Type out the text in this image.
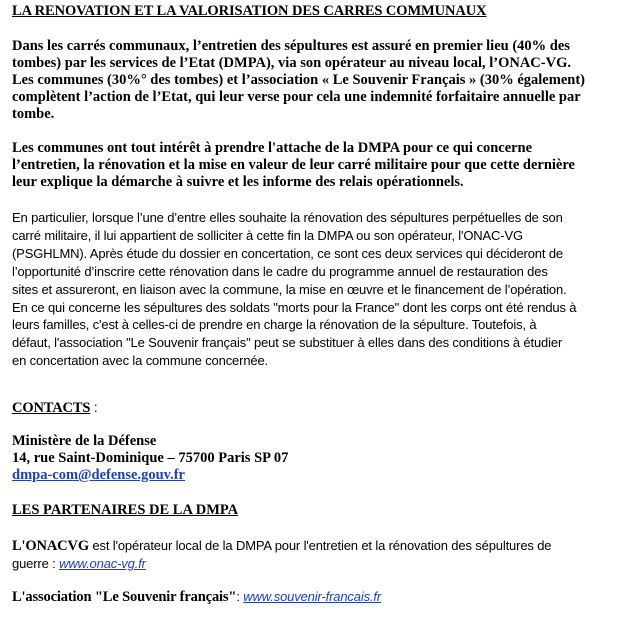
LA RENOVATION ET LA VALORISATION DES CARRES COMMUNAUX
Dans les carrés communaux, l’entretien des sépultures est assuré en premier lieu (40% des
tombes) par les services de l’Etat (DMPA), via son opérateur au niveau local, l’ONAC-VG.
Les communes (30%° des tombes) et l’association « Le Souvenir Français » (30% également)
complètent l’action de l’Etat, qui leur verse pour cela une indemnité forfaitaire annuelle par
tombe.
Les communes ont tout intérêt à prendre l'attache de la DMPA pour ce qui concerne
l’entretien, la rénovation et la mise en valeur de leur carré militaire pour que cette dernière
leur explique la démarche à suivre et les informe des relais opérationnels.
En particulier, lorsque l’une d’entre elles souhaite la rénovation des sépultures perpétuelles de son
carré militaire, il lui appartient de solliciter à cette fin la DMPA ou son opérateur, l'ONAC-VG
(PSGHLMN). Après étude du dossier en concertation, ce sont ces deux services qui décideront de
l’opportunité d’inscrire cette rénovation dans le cadre du programme annuel de restauration des
sites et assureront, en liaison avec la commune, la mise en œuvre et le financement de l’opération.
En ce qui concerne les sépultures des soldats "morts pour la France" dont les corps ont été rendus à
leurs familles, c'est à celles-ci de prendre en charge la rénovation de la sépulture. Toutefois, à
défaut, l'association "Le Souvenir français" peut se substituer à elles dans des conditions à étudier
en concertation avec la commune concernée.
CONTACTS :
Ministère de la Défense
14, rue Saint-Dominique – 75700 Paris SP 07
dmpa-com@defense.gouv.fr
LES PARTENAIRES DE LA DMPA
L'ONACVG est l'opérateur local de la DMPA pour l'entretien et la rénovation des sépultures de
guerre : www.onac-vg.fr
L'association "Le Souvenir français": www.souvenir-francais.fr
